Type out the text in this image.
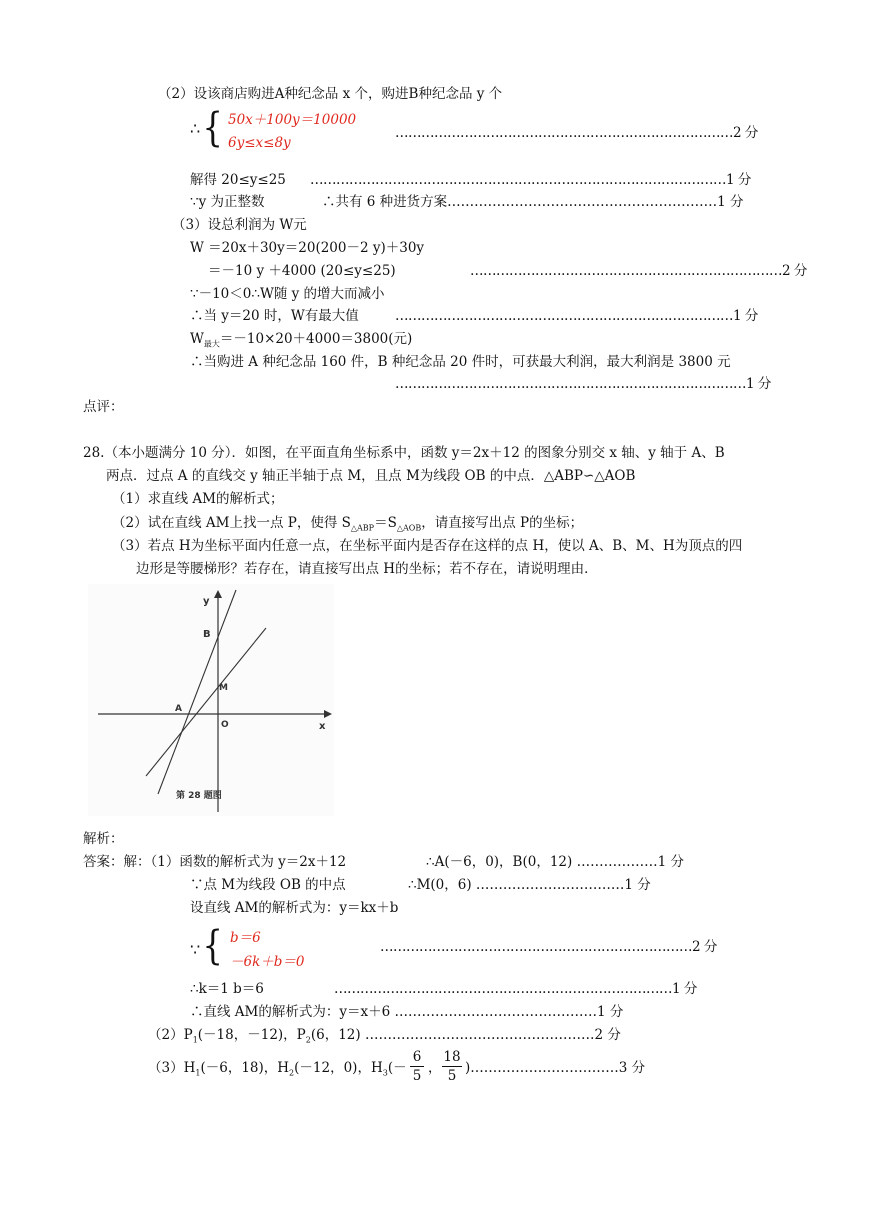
（2）设该商店购进A种纪念品 x 个，购进B种纪念品 y 个
∴ { 50x＋100y＝10000
6y≤x≤8y
……………………………………………………………………2 分
解得 20≤y≤25 ……………………………………………………………………………………1 分
∵y 为正整数	∴共有 6 种进货方案……………………………………………………1 分
（3）设总利润为 W元
W ＝20x＋30y＝20(200－2 y)＋30y
＝－10 y ＋4000 (20≤y≤25)	………………………………………………………………2 分
∵－10＜0∴W随 y 的增大而减小
∴当 y＝20 时，W有最大值	……………………………………………………………………1 分
$W_{最大}=-10\times 20+4000=3800$(元)
∴当购进 A 种纪念品 160 件，B 种纪念品 20 件时，可获最大利润，最大利润是 3800 元
………………………………………………………………………1 分
点评：
28.（本小题满分 10 分）．如图，在平面直角坐标系中，函数 y＝2x＋12 的图象分别交 x 轴、y 轴于 A、B
两点．过点 A 的直线交 y 轴正半轴于点 M，且点 M为线段 OB 的中点．△ABP∽△AOB
（1）求直线 AM的解析式；
（2）试在直线 AM上找一点 P，使得 $S_{\triangle ABP}=S_{\triangle AOB}$，请直接写出点 P的坐标；
（3）若点 H为坐标平面内任意一点，在坐标平面内是否存在这样的点 H，使以 A、B、M、H为顶点的四
边形是等腰梯形？若存在，请直接写出点 H的坐标；若不存在，请说明理由．
y
x
B
M
A
O
第 28 题图
解析：
答案：解：（1）函数的解析式为 y＝2x＋12	∴A(－6，0)，B(0，12) ………………1 分
∵点 M为线段 OB 的中点	∴M(0，6) ……………………………1 分
设直线 AM的解析式为：y＝kx＋b
∵ { b＝6
－6k＋b＝0
………………………………………………………………2 分
∴k＝1 b＝6	……………………………………………………………………1 分
∴直线 AM的解析式为：y＝x＋6 ………………………………………1 分
$(2)P_1(-18$，－12)，$P_2(6$，12) ……………………………………………2 分
$(3)H_1(-6$，18)，$H_2(-12$，0)，$H_3(-$
6
5 ，
18
5 )……………………………3 分
